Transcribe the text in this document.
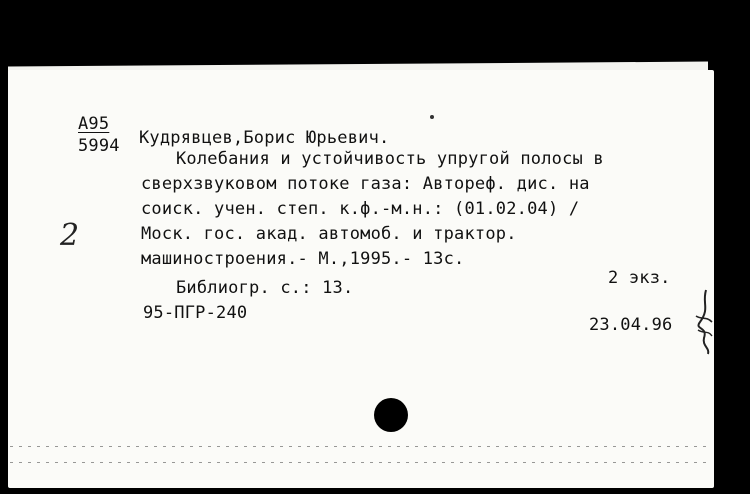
А95
5994 Кудрявцев,Борис Юрьевич.
Колебания и устойчивость упругой полосы в
сверхзвуковом потоке газа: Автореф. дис. на
соиск. учен. степ. к.ф.-м.н.: (01.02.04) /
Моск. гос. акад. автомоб. и трактор.
машиностроения.- М.,1995.- 13с.
2 экз.
Библиогр. с.: 13.
95-ПГР-240
23.04.96
2
